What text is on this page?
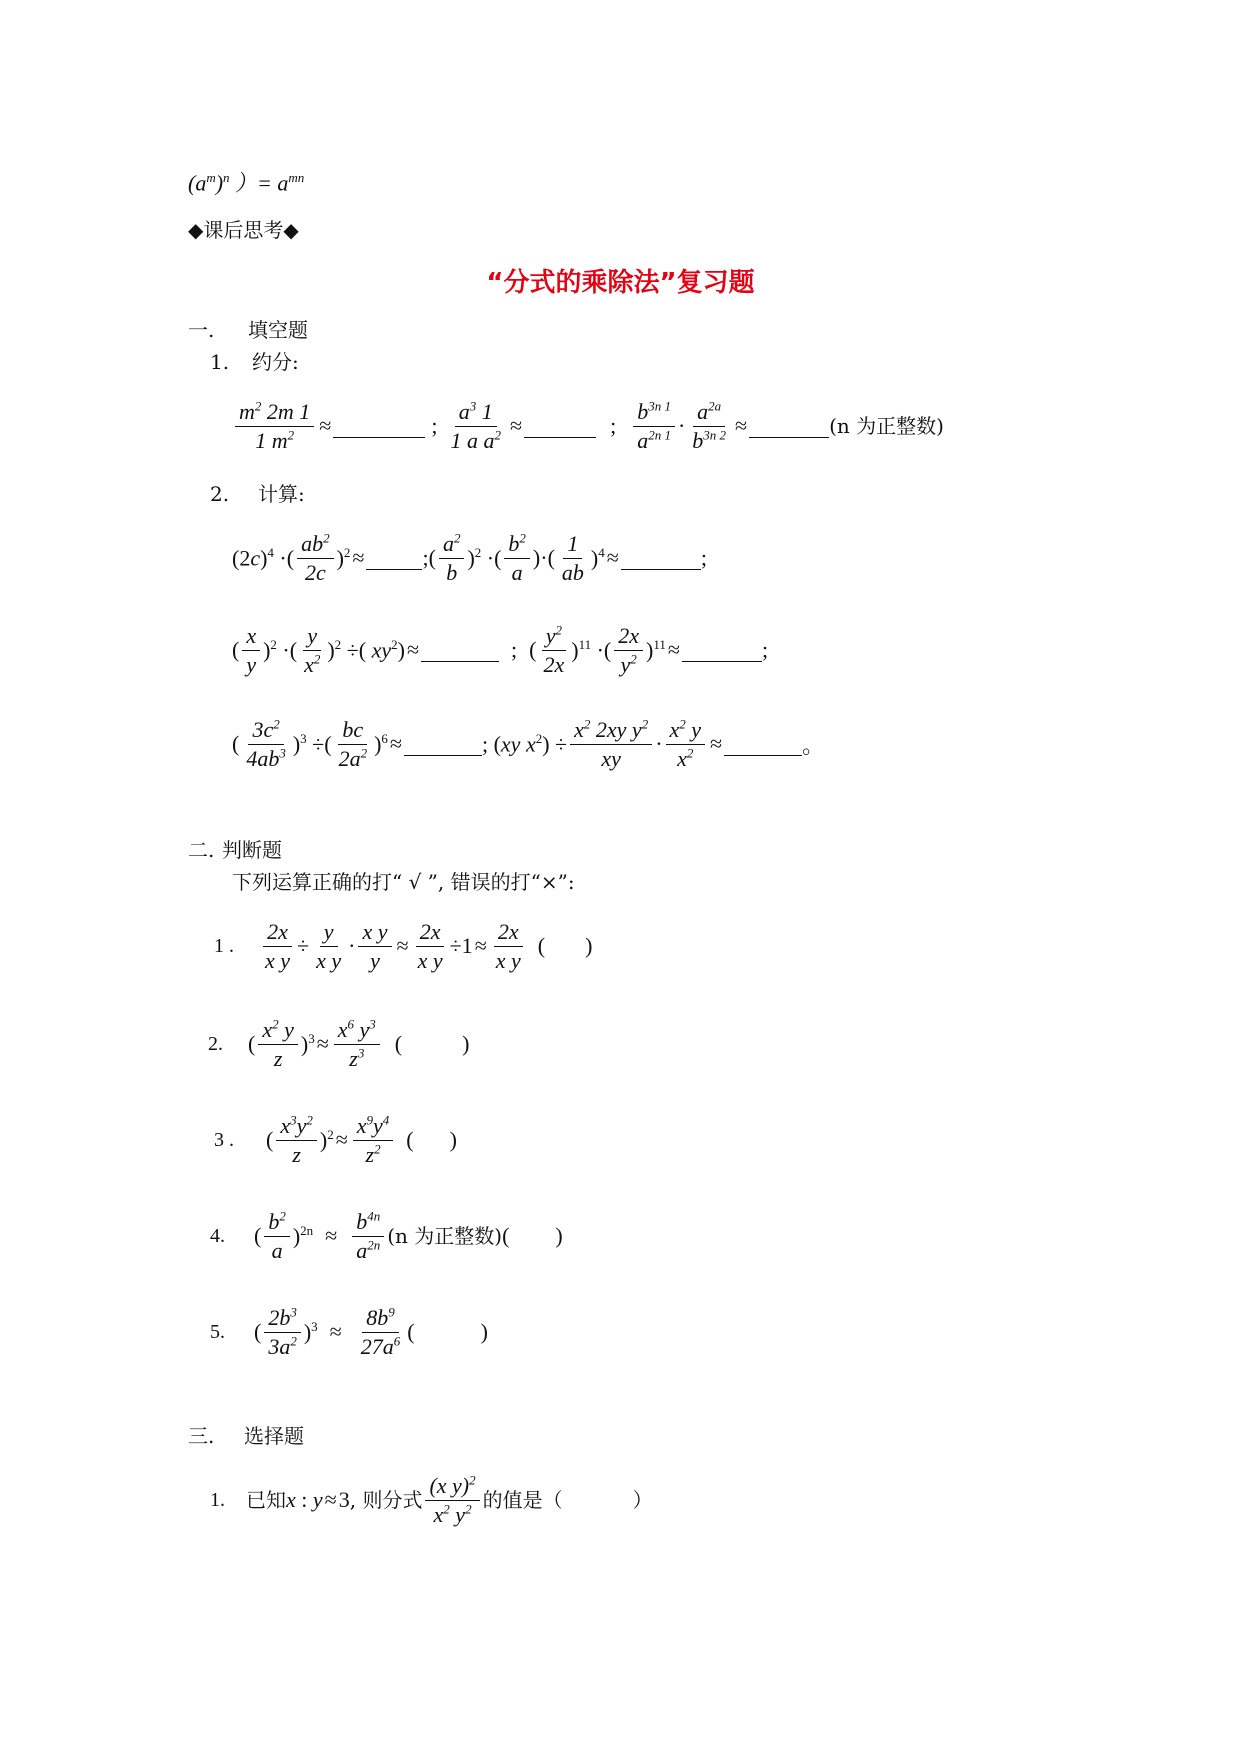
$(a^m)^n$ ）= $a^{mn}$
◆课后思考◆
“分式的乘除法”复习题
一. 填空题
1. 约分:
$\frac{m^2 2m 1}{1 m^2}$ ≈	; $\frac{a^3 1}{1 a a^2}$ ≈	; $\frac{b^{3n 1}}{a^{2n 1}} \cdot \frac{a^{2a}}{b^{3n 2}}$ ≈	(n 为正整数)
2. 计算:
$(2c)^4$ ·( $\frac{ab^2}{2c} )^2$ ≈	;( $\frac{a^2}{b} )^2$ ·( $\frac{b^2}{a}$ )·( $\frac{1}{ab} )^4$ ≈	;
( $\frac{x}{y} )^2$ ·( $\frac{y}{x^2} )^2$ ÷( $xy^2$) ≈	; ( $\frac{y^2}{2x} )^{11}$ ·( $\frac{2x}{y^2} )^{11}$ ≈	;
( $\frac{3c^2}{4ab^3} )^3$ ÷( $\frac{bc}{2a^2} )^6$ ≈	; (xy $x^2) \div \frac{x^2 2xy y^2}{xy} \cdot \frac{x^2 y}{x^2}$ ≈	。
二. 判断题
下列运算正确的打“ √ ”, 错误的打“×”:
1 .	$\frac{2x}{\text{x y}} \div \frac{y}{\text{x y}} \cdot \frac{\text{x y}}{y} \approx \frac{2x}{\text{x y}} \div 1 \approx \frac{2x}{\text{x y}}$ ( )
2.	( $\frac{x^2 y}{z} )^3 \approx \frac{x^6 y^3}{z^3}$ (	)
3 .	( $\frac{x^3y^2}{z} )^2 \approx \frac{x^9y^4}{z^2}$ ( )
4.	( $\frac{b^2}{a} )^{2n} \approx \frac{b^{4n}}{a^{2n}} (n$ 为正整数) ( )
5.	( $\frac{2b^3}{3a^2} )^3 \approx \frac{8b^9}{27a^6}$ (	)
三. 选择题
1.	已知 x : y ≈ 3 , 则分式 $\frac{(x y)^2}{x^2 y^2}$ 的值是（	）
